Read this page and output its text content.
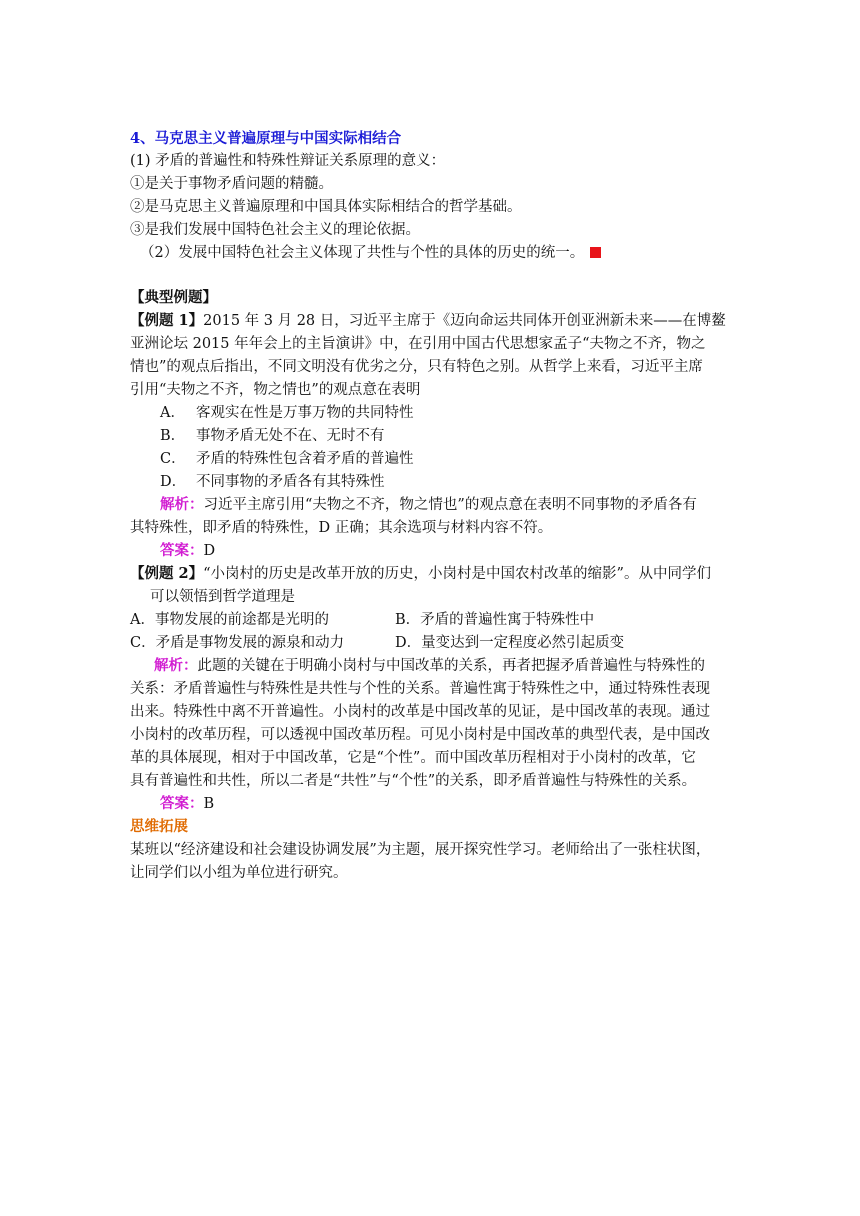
4、马克思主义普遍原理与中国实际相结合
(1) 矛盾的普遍性和特殊性辩证关系原理的意义：
①是关于事物矛盾问题的精髓。
②是马克思主义普遍原理和中国具体实际相结合的哲学基础。
③是我们发展中国特色社会主义的理论依据。
（2）发展中国特色社会主义体现了共性与个性的具体的历史的统一。
【典型例题】
【例题 1】2015 年 3 月 28 日，习近平主席于《迈向命运共同体开创亚洲新未来——在博鳌
亚洲论坛 2015 年年会上的主旨演讲》中，在引用中国古代思想家孟子“夫物之不齐，物之
情也”的观点后指出，不同文明没有优劣之分，只有特色之别。从哲学上来看，习近平主席
引用“夫物之不齐，物之情也”的观点意在表明
A． 客观实在性是万事万物的共同特性
B． 事物矛盾无处不在、无时不有
C． 矛盾的特殊性包含着矛盾的普遍性
D． 不同事物的矛盾各有其特殊性
解析：习近平主席引用“夫物之不齐，物之情也”的观点意在表明不同事物的矛盾各有
其特殊性，即矛盾的特殊性，D 正确；其余选项与材料内容不符。
答案：D
【例题 2】“小岗村的历史是改革开放的历史，小岗村是中国农村改革的缩影”。从中同学们
可以领悟到哲学道理是
A．事物发展的前途都是光明的	B．矛盾的普遍性寓于特殊性中
C．矛盾是事物发展的源泉和动力	D．量变达到一定程度必然引起质变
解析：此题的关键在于明确小岗村与中国改革的关系，再者把握矛盾普遍性与特殊性的
关系：矛盾普遍性与特殊性是共性与个性的关系。普遍性寓于特殊性之中，通过特殊性表现
出来。特殊性中离不开普遍性。小岗村的改革是中国改革的见证，是中国改革的表现。通过
小岗村的改革历程，可以透视中国改革历程。可见小岗村是中国改革的典型代表，是中国改
革的具体展现，相对于中国改革，它是“个性”。而中国改革历程相对于小岗村的改革，它
具有普遍性和共性，所以二者是“共性”与“个性”的关系，即矛盾普遍性与特殊性的关系。
答案：B
思维拓展
某班以“经济建设和社会建设协调发展”为主题，展开探究性学习。老师给出了一张柱状图，
让同学们以小组为单位进行研究。
